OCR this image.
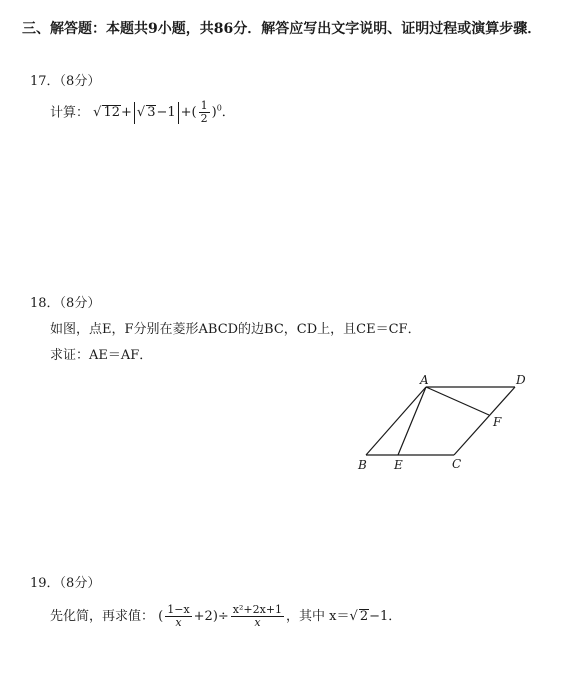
三、解答题：本题共9小题，共86分．解答应写出文字说明、证明过程或演算步骤．
17．（8分）
计算： √ 12+ √ 3−1 +( $\frac{1}{2} )^0$．
18．（8分）
如图，点E，F分别在菱形ABCD的边BC，CD上，且CE＝CF．
求证：AE＝AF．
A	D
F
B E	C
19．（8分）
先化简，再求值： ( $\frac{1-x}{x} +2)\div \frac{\text{x²+2x+1}}{x}$ ，其中 x＝√ 2−1．
